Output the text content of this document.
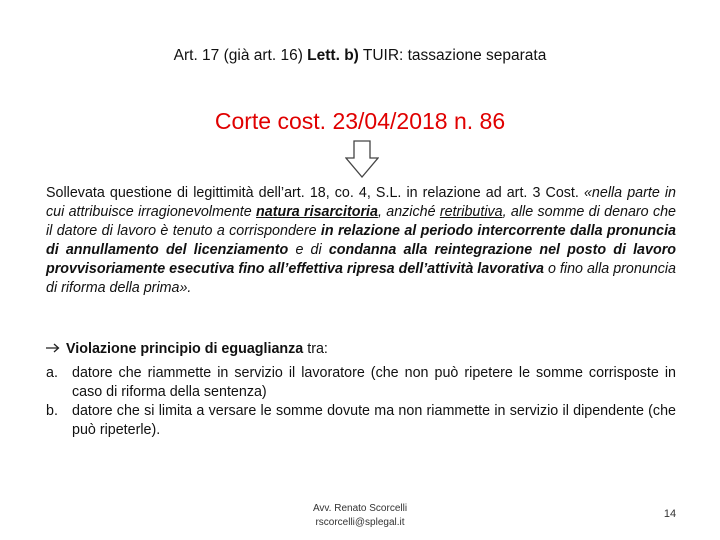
Art. 17 (già art. 16) Lett. b) TUIR: tassazione separata
Corte cost. 23/04/2018 n. 86
Sollevata questione di legittimità dell’art. 18, co. 4, S.L. in relazione ad art. 3 Cost. «nella parte in cui attribuisce irragionevolmente natura risarcitoria, anziché retributiva, alle somme di denaro che il datore di lavoro è tenuto a corrispondere in relazione al periodo intercorrente dalla pronuncia di annullamento del licenziamento e di condanna alla reintegrazione nel posto di lavoro provvisoriamente esecutiva fino all’effettiva ripresa dell’attività lavorativa o fino alla pronuncia di riforma della prima».
Violazione principio di eguaglianza tra:
a. datore che riammette in servizio il lavoratore (che non può ripetere le somme corrisposte in caso di riforma della sentenza)
b. datore che si limita a versare le somme dovute ma non riammette in servizio il dipendente (che può ripeterle).
Avv. Renato Scorcelli
rscorcelli@splegal.it
14
